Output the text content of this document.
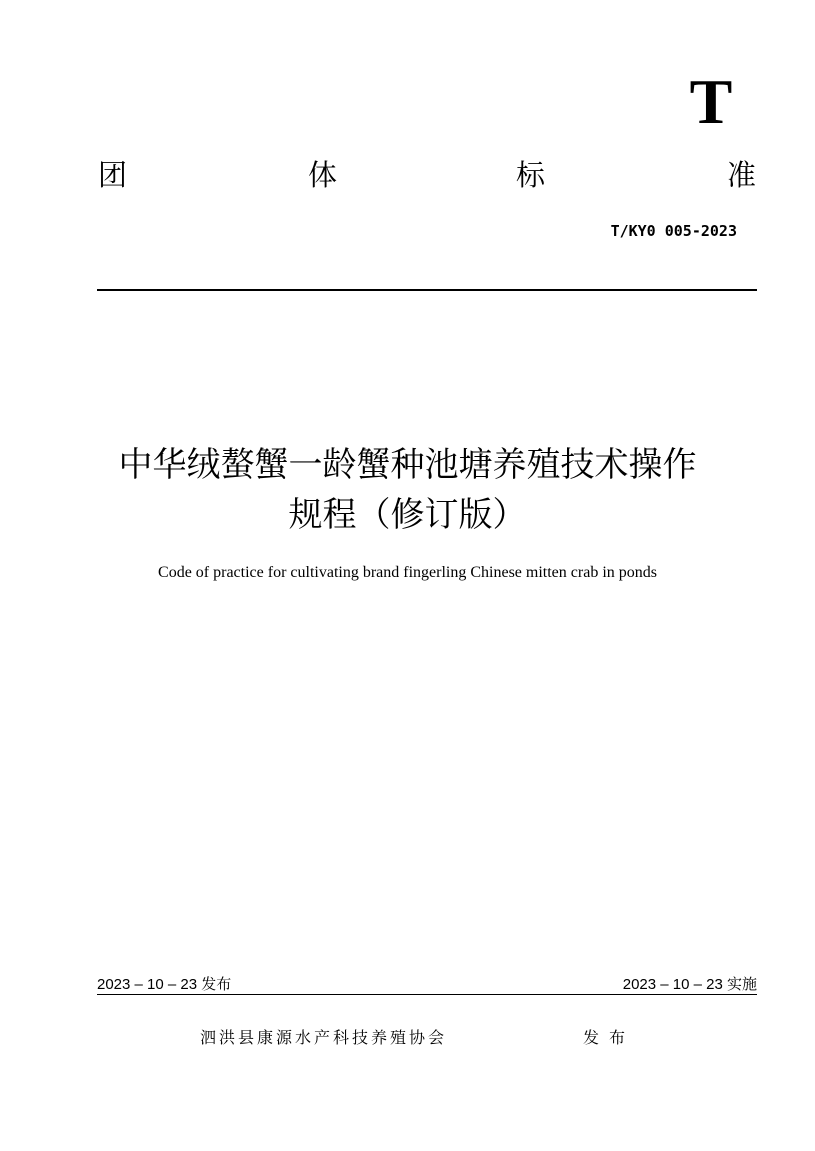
T
团	体	标	准
T/KY0 005-2023
中华绒螯蟹一龄蟹种池塘养殖技术操作
规程（修订版）
Code of practice for cultivating brand fingerling Chinese mitten crab in ponds
2023 – 10 – 23 发布	2023 – 10 – 23 实施
泗洪县康源水产科技养殖协会	发布
